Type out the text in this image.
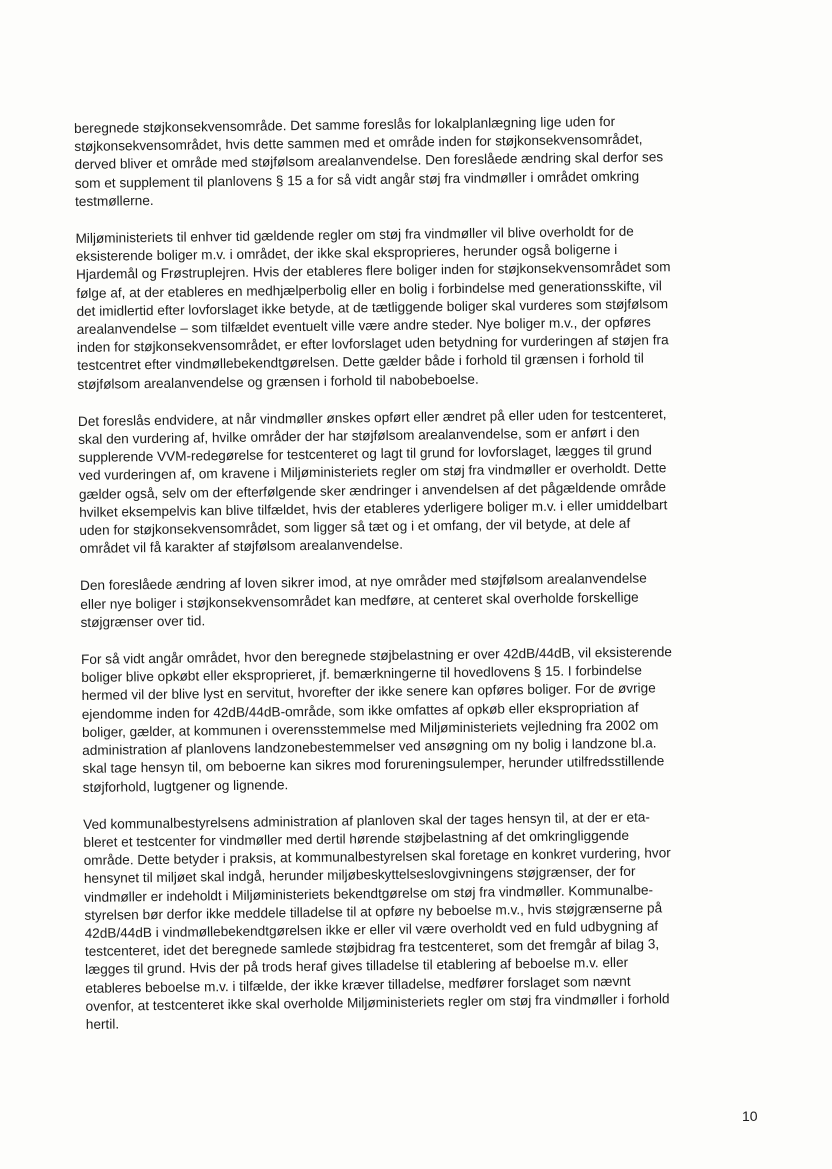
beregnede støjkonsekvensområde. Det samme foreslås for lokalplanlægning lige uden for
støjkonsekvensområdet, hvis dette sammen med et område inden for støjkonsekvensområdet,
derved bliver et område med støjfølsom arealanvendelse. Den foreslåede ændring skal derfor ses
som et supplement til planlovens § 15 a for så vidt angår støj fra vindmøller i området omkring
testmøllerne.
Miljøministeriets til enhver tid gældende regler om støj fra vindmøller vil blive overholdt for de
eksisterende boliger m.v. i området, der ikke skal eksproprieres, herunder også boligerne i
Hjardemål og Frøstruplejren. Hvis der etableres flere boliger inden for støjkonsekvensområdet som
følge af, at der etableres en medhjælperbolig eller en bolig i forbindelse med generationsskifte, vil
det imidlertid efter lovforslaget ikke betyde, at de tætliggende boliger skal vurderes som støjfølsom
arealanvendelse – som tilfældet eventuelt ville være andre steder. Nye boliger m.v., der opføres
inden for støjkonsekvensområdet, er efter lovforslaget uden betydning for vurderingen af støjen fra
testcentret efter vindmøllebekendtgørelsen. Dette gælder både i forhold til grænsen i forhold til
støjfølsom arealanvendelse og grænsen i forhold til nabobeboelse.
Det foreslås endvidere, at når vindmøller ønskes opført eller ændret på eller uden for testcenteret,
skal den vurdering af, hvilke områder der har støjfølsom arealanvendelse, som er anført i den
supplerende VVM-redegørelse for testcenteret og lagt til grund for lovforslaget, lægges til grund
ved vurderingen af, om kravene i Miljøministeriets regler om støj fra vindmøller er overholdt. Dette
gælder også, selv om der efterfølgende sker ændringer i anvendelsen af det pågældende område
hvilket eksempelvis kan blive tilfældet, hvis der etableres yderligere boliger m.v. i eller umiddelbart
uden for støjkonsekvensområdet, som ligger så tæt og i et omfang, der vil betyde, at dele af
området vil få karakter af støjfølsom arealanvendelse.
Den foreslåede ændring af loven sikrer imod, at nye områder med støjfølsom arealanvendelse
eller nye boliger i støjkonsekvensområdet kan medføre, at centeret skal overholde forskellige
støjgrænser over tid.
For så vidt angår området, hvor den beregnede støjbelastning er over 42dB/44dB, vil eksisterende
boliger blive opkøbt eller eksproprieret, jf. bemærkningerne til hovedlovens § 15. I forbindelse
hermed vil der blive lyst en servitut, hvorefter der ikke senere kan opføres boliger. For de øvrige
ejendomme inden for 42dB/44dB-område, som ikke omfattes af opkøb eller ekspropriation af
boliger, gælder, at kommunen i overensstemmelse med Miljøministeriets vejledning fra 2002 om
administration af planlovens landzonebestemmelser ved ansøgning om ny bolig i landzone bl.a.
skal tage hensyn til, om beboerne kan sikres mod forureningsulemper, herunder utilfredsstillende
støjforhold, lugtgener og lignende.
Ved kommunalbestyrelsens administration af planloven skal der tages hensyn til, at der er eta-
bleret et testcenter for vindmøller med dertil hørende støjbelastning af det omkringliggende
område. Dette betyder i praksis, at kommunalbestyrelsen skal foretage en konkret vurdering, hvor
hensynet til miljøet skal indgå, herunder miljøbeskyttelseslovgivningens støjgrænser, der for
vindmøller er indeholdt i Miljøministeriets bekendtgørelse om støj fra vindmøller. Kommunalbe-
styrelsen bør derfor ikke meddele tilladelse til at opføre ny beboelse m.v., hvis støjgrænserne på
42dB/44dB i vindmøllebekendtgørelsen ikke er eller vil være overholdt ved en fuld udbygning af
testcenteret, idet det beregnede samlede støjbidrag fra testcenteret, som det fremgår af bilag 3,
lægges til grund. Hvis der på trods heraf gives tilladelse til etablering af beboelse m.v. eller
etableres beboelse m.v. i tilfælde, der ikke kræver tilladelse, medfører forslaget som nævnt
ovenfor, at testcenteret ikke skal overholde Miljøministeriets regler om støj fra vindmøller i forhold
hertil.
10
